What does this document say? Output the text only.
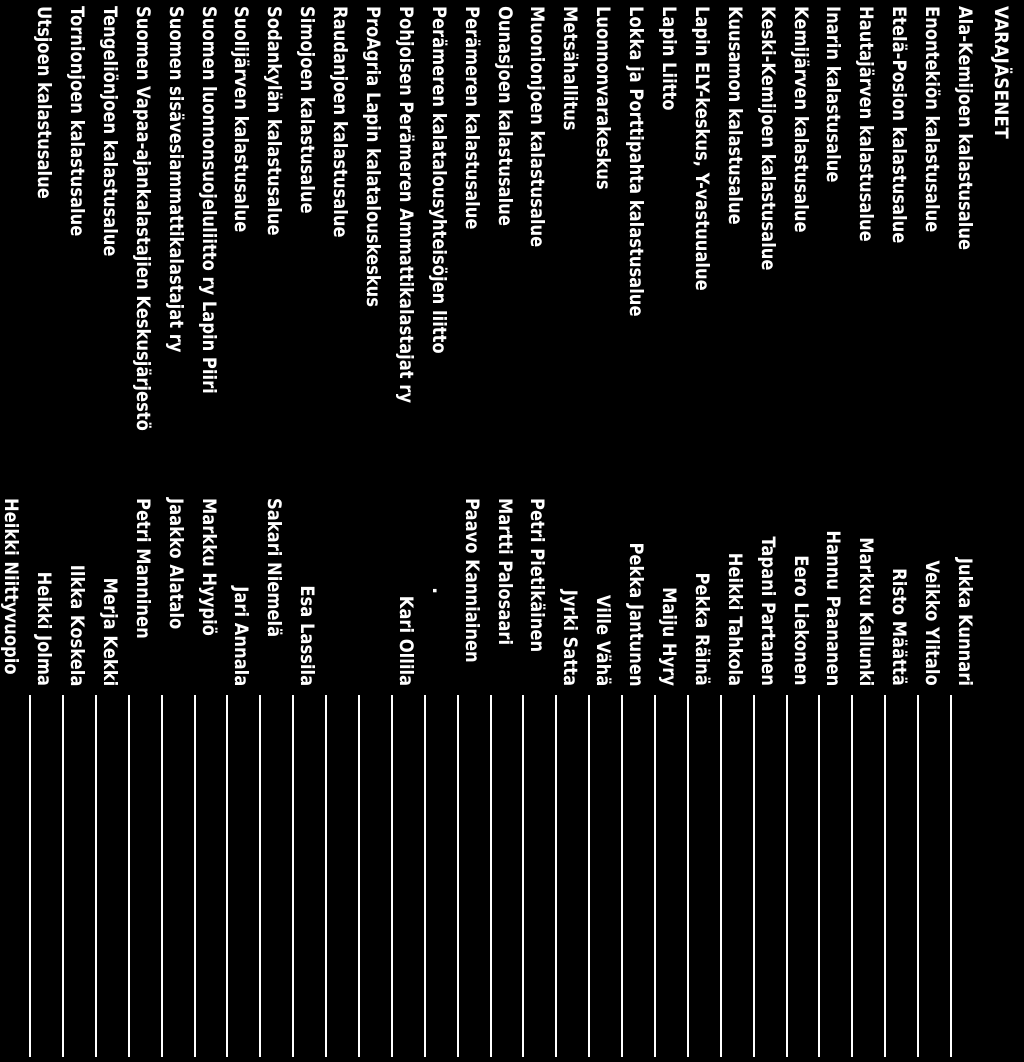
VARAJÄSENET
Ala-Kemijoen kalastusalue
Jukka Kunnari
Enontekiön kalastusalue
Veikko Ylitalo
Etelä-Posion kalastusalue
Risto Määttä
Hautajärven kalastusalue
Markku Kallunki
Inarin kalastusalue
Hannu Paananen
Kemijärven kalastusalue
Eero Liekonen
Keski-Kemijoen kalastusalue
Tapani Partanen
Kuusamon kalastusalue
Heikki Tahkola
Lapin ELY-keskus, Y-vastuualue
Pekka Räinä
Lapin Liitto
Maiju Hyry
Lokka ja Porttipahta kalastusalue
Pekka Jantunen
Luonnonvarakeskus
Ville Vähä
Metsähallitus
Jyrki Satta
Muonionjoen kalastusalue
Petri Pietikäinen
Ounasjoen kalastusalue
Martti Palosaari
Perämeren kalastusalue
Paavo Kanniainen
Perämeren kalatalousyhteisöjen liitto
.
Pohjoisen Perämeren Ammattikalastajat ry
Kari Ollila
ProAgria Lapin kalatalouskeskus
Raudanjoen kalastusalue
Simojoen kalastusalue
Esa Lassila
Sodankylän kalastusalue
Sakari Niemelä
Suolijärven kalastusalue
Jari Annala
Suomen luonnonsuojeluliitto ry Lapin Piiri
Markku Hyypiö
Suomen sisävesiammattikalastajat ry
Jaakko Alatalo
Suomen Vapaa-ajankalastajien Keskusjärjestö
Petri Manninen
Tengeliönjoen kalastusalue
Merja Kekki
Tornionjoen kalastusalue
Ilkka Koskela
Utsjoen kalastusalue
Heikki Jolma
Heikki Niittyvuopio
